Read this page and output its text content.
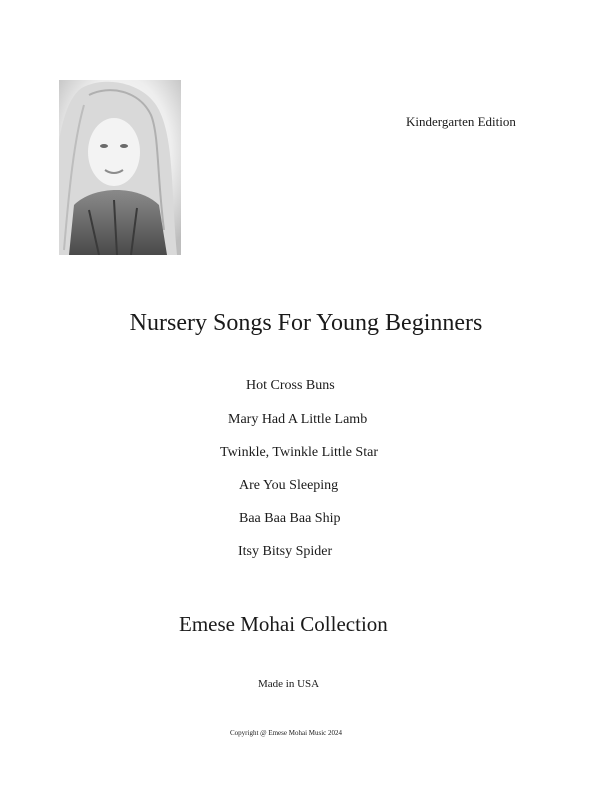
Kindergarten Edition
Nursery Songs For Young Beginners
Hot Cross Buns
Mary Had A Little Lamb
Twinkle, Twinkle Little Star
Are You Sleeping
Baa Baa Baa Ship
Itsy Bitsy Spider
Emese Mohai Collection
Made in USA
Copyright @ Emese Mohai Music 2024
